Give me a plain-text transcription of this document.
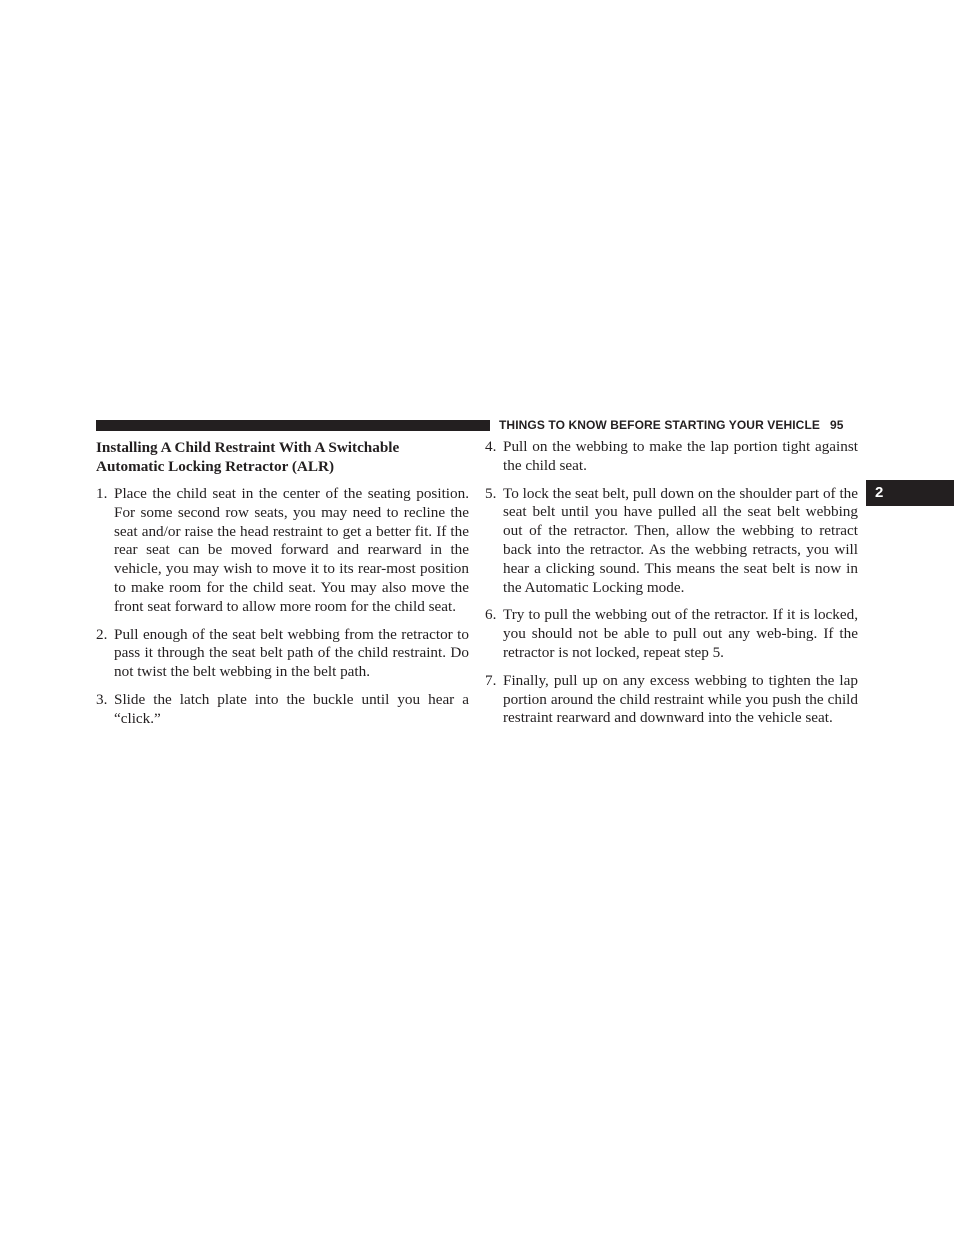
THINGS TO KNOW BEFORE STARTING YOUR VEHICLE 95
2
Installing A Child Restraint With A Switchable Automatic Locking Retractor (ALR)
1. Place the child seat in the center of the seating position. For some second row seats, you may need to recline the seat and/or raise the head restraint to get a better fit. If the rear seat can be moved forward and rearward in the vehicle, you may wish to move it to its rear-most position to make room for the child seat. You may also move the front seat forward to allow more room for the child seat.
2. Pull enough of the seat belt webbing from the retractor to pass it through the seat belt path of the child restraint. Do not twist the belt webbing in the belt path.
3. Slide the latch plate into the buckle until you hear a “click.”
4. Pull on the webbing to make the lap portion tight against the child seat.
5. To lock the seat belt, pull down on the shoulder part of the seat belt until you have pulled all the seat belt webbing out of the retractor. Then, allow the webbing to retract back into the retractor. As the webbing retracts, you will hear a clicking sound. This means the seat belt is now in the Automatic Locking mode.
6. Try to pull the webbing out of the retractor. If it is locked, you should not be able to pull out any web-bing. If the retractor is not locked, repeat step 5.
7. Finally, pull up on any excess webbing to tighten the lap portion around the child restraint while you push the child restraint rearward and downward into the vehicle seat.
